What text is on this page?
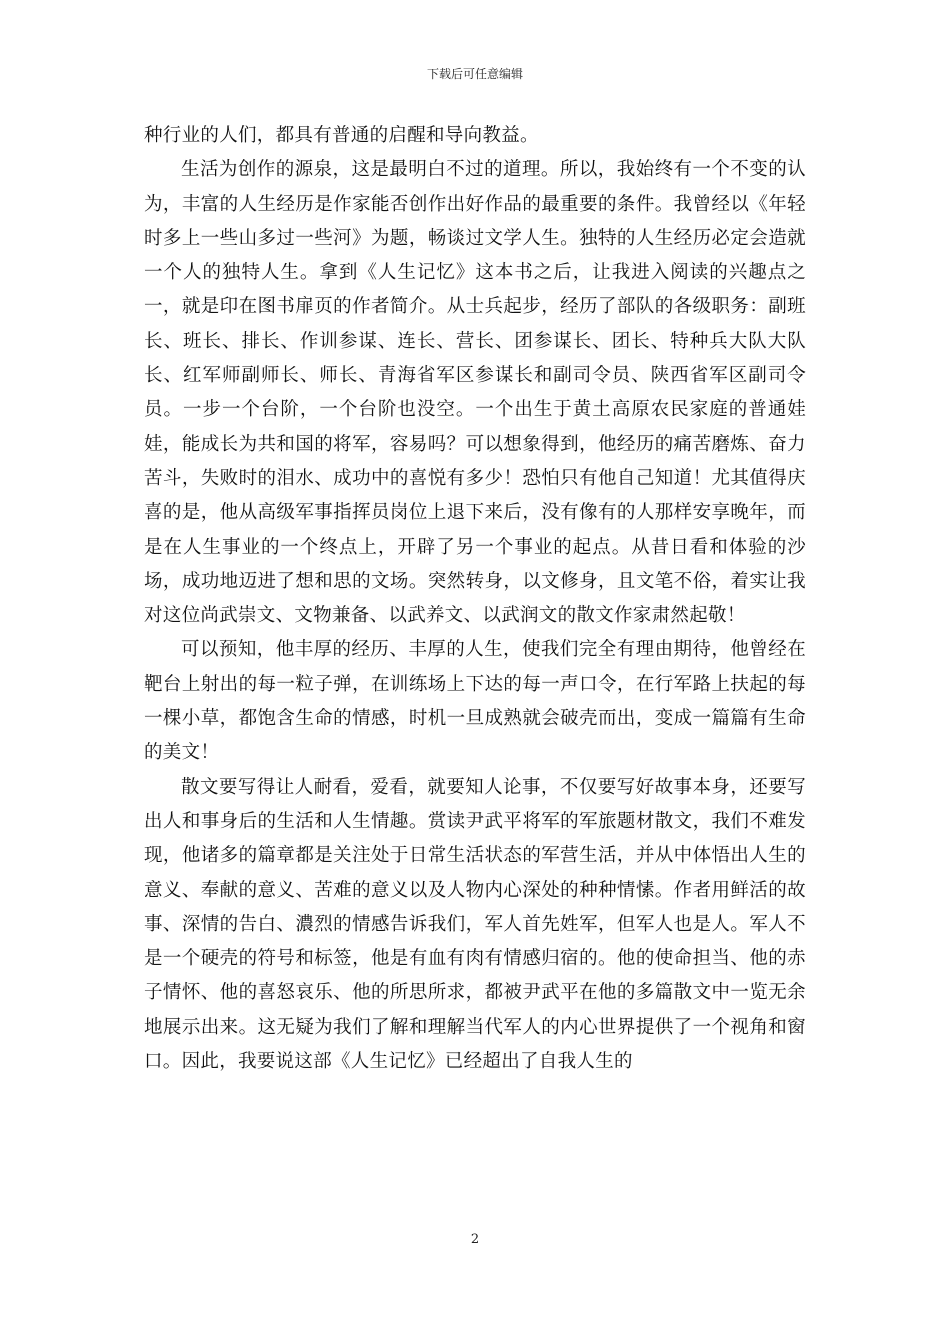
下载后可任意编辑

种行业的人们，都具有普通的启醒和导向教益。

生活为创作的源泉，这是最明白不过的道理。所以，我始终有一个不变的认为，丰富的人生经历是作家能否创作出好作品的最重要的条件。我曾经以《年轻时多上一些山多过一些河》为题，畅谈过文学人生。独特的人生经历必定会造就一个人的独特人生。拿到《人生记忆》这本书之后，让我进入阅读的兴趣点之一，就是印在图书扉页的作者简介。从士兵起步，经历了部队的各级职务：副班长、班长、排长、作训参谋、连长、营长、团参谋长、团长、特种兵大队大队长、红军师副师长、师长、青海省军区参谋长和副司令员、陕西省军区副司令员。一步一个台阶，一个台阶也没空。一个出生于黄土高原农民家庭的普通娃娃，能成长为共和国的将军，容易吗？可以想象得到，他经历的痛苦磨炼、奋力苦斗，失败时的泪水、成功中的喜悦有多少！恐怕只有他自己知道！尤其值得庆喜的是，他从高级军事指挥员岗位上退下来后，没有像有的人那样安享晚年，而是在人生事业的一个终点上，开辟了另一个事业的起点。从昔日看和体验的沙场，成功地迈进了想和思的文场。突然转身，以文修身，且文笔不俗，着实让我对这位尚武崇文、文物兼备、以武养文、以武润文的散文作家肃然起敬！

可以预知，他丰厚的经历、丰厚的人生，使我们完全有理由期待，他曾经在靶台上射出的每一粒子弹，在训练场上下达的每一声口令，在行军路上扶起的每一棵小草，都饱含生命的情感，时机一旦成熟就会破壳而出，变成一篇篇有生命的美文！

散文要写得让人耐看，爱看，就要知人论事，不仅要写好故事本身，还要写出人和事身后的生活和人生情趣。赏读尹武平将军的军旅题材散文，我们不难发现，他诸多的篇章都是关注处于日常生活状态的军营生活，并从中体悟出人生的意义、奉献的意义、苦难的意义以及人物内心深处的种种情愫。作者用鲜活的故事、深情的告白、濃烈的情感告诉我们，军人首先姓军，但军人也是人。军人不是一个硬壳的符号和标签，他是有血有肉有情感归宿的。他的使命担当、他的赤子情怀、他的喜怒哀乐、他的所思所求，都被尹武平在他的多篇散文中一览无余地展示出来。这无疑为我们了解和理解当代军人的内心世界提供了一个视角和窗口。因此，我要说这部《人生记忆》已经超出了自我人生的

2
